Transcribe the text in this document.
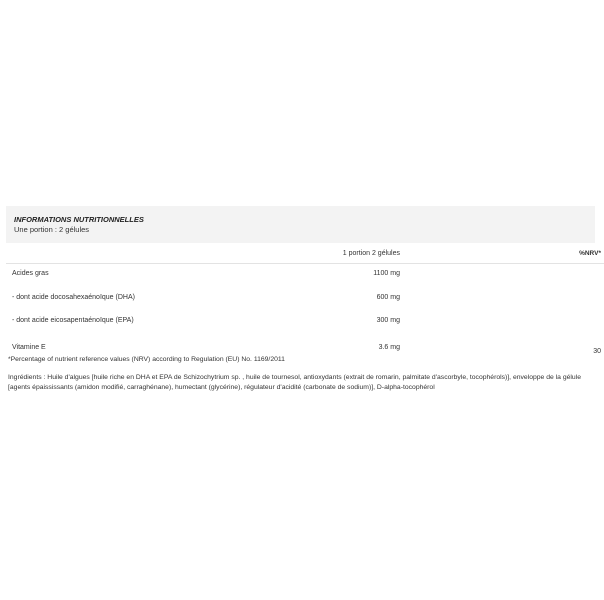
INFORMATIONS NUTRITIONNELLES
Une portion : 2 gélules
	1 portion 2 gélules	%NRV*
Acides gras	1100 mg	
- dont acide docosahexaénoïque (DHA)	600 mg	
- dont acide eicosapentaénoïque (EPA)	300 mg	
Vitamine E	3.6 mg	30
*Percentage of nutrient reference values (NRV) according to Regulation (EU) No. 1169/2011
Ingrédients : Huile d'algues [huile riche en DHA et EPA de Schizochytrium sp. , huile de tournesol, antioxydants (extrait de romarin, palmitate d'ascorbyle, tocophérols)], enveloppe de la gélule [agents épaississants (amidon modifié, carraghénane), humectant (glycérine), régulateur d'acidité (carbonate de sodium)], D-alpha-tocophérol
